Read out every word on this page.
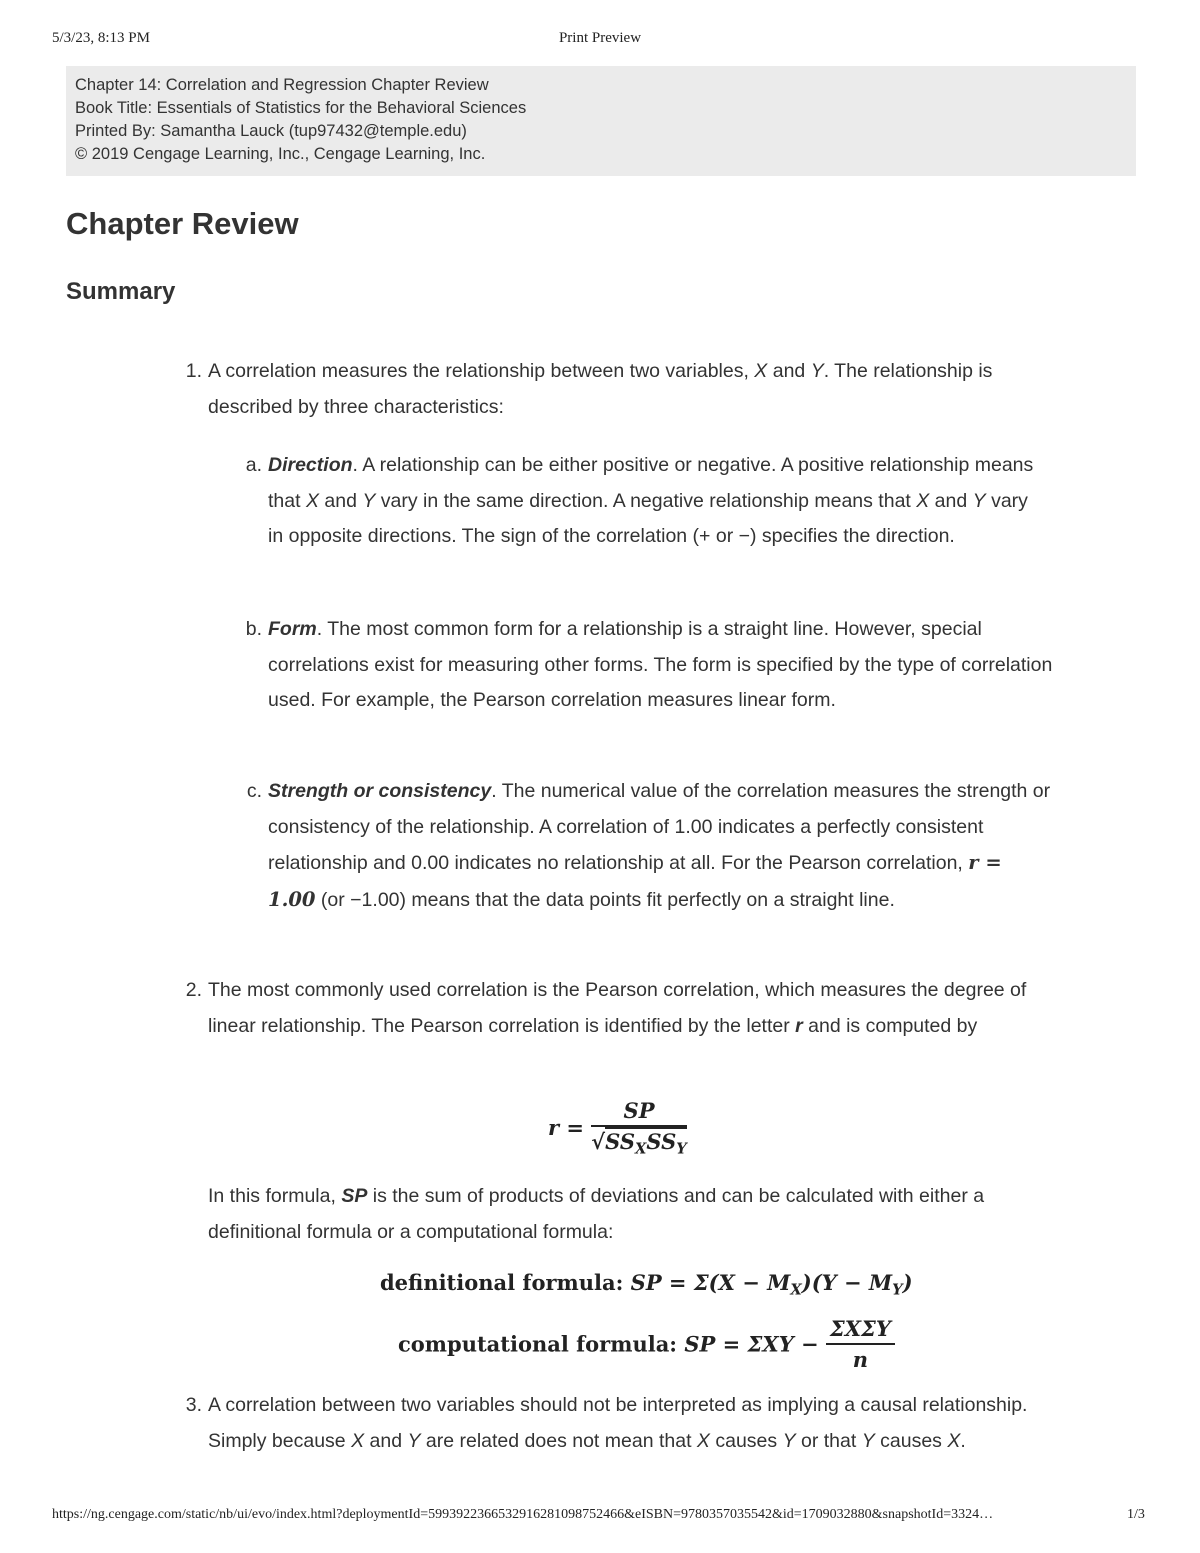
5/3/23, 8:13 PM	Print Preview
Chapter 14: Correlation and Regression Chapter Review
Book Title: Essentials of Statistics for the Behavioral Sciences
Printed By: Samantha Lauck (tup97432@temple.edu)
© 2019 Cengage Learning, Inc., Cengage Learning, Inc.
Chapter Review
Summary
1. A correlation measures the relationship between two variables, X and Y. The relationship is described by three characteristics:
a. Direction. A relationship can be either positive or negative. A positive relationship means that X and Y vary in the same direction. A negative relationship means that X and Y vary in opposite directions. The sign of the correlation (+ or −) specifies the direction.
b. Form. The most common form for a relationship is a straight line. However, special correlations exist for measuring other forms. The form is specified by the type of correlation used. For example, the Pearson correlation measures linear form.
c. Strength or consistency. The numerical value of the correlation measures the strength or consistency of the relationship. A correlation of 1.00 indicates a perfectly consistent relationship and 0.00 indicates no relationship at all. For the Pearson correlation, r = 1.00 (or −1.00) means that the data points fit perfectly on a straight line.
2. The most commonly used correlation is the Pearson correlation, which measures the degree of linear relationship. The Pearson correlation is identified by the letter r and is computed by
$r = \frac{SP}{√SS_XSS_Y}$
In this formula, SP is the sum of products of deviations and can be calculated with either a definitional formula or a computational formula:
definitional formula: SP = $\Sigma(X - M_X)(Y - M_Y)$
computational formula: SP = $\Sigma XY - \frac{\text{ΣXΣY}}{n}$
3. A correlation between two variables should not be interpreted as implying a causal relationship. Simply because X and Y are related does not mean that X causes Y or that Y causes X.
https://ng.cengage.com/static/nb/ui/evo/index.html?deploymentId=5993922366532916281098752466&eISBN=9780357035542&id=1709032880&snapshotId=3324…	1/3
